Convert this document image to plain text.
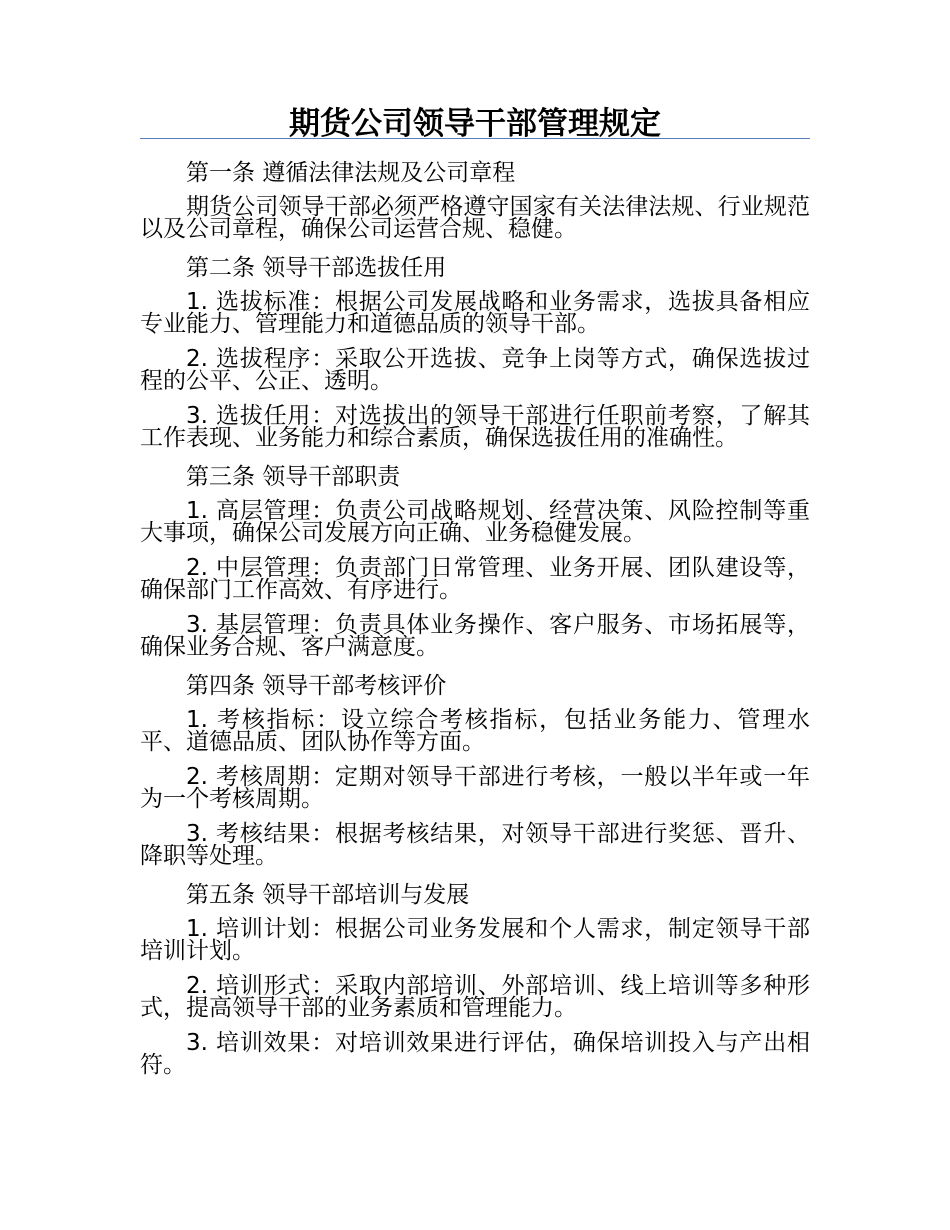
期货公司领导干部管理规定
第一条 遵循法律法规及公司章程

期货公司领导干部必须严格遵守国家有关法律法规、行业规范以及公司章程，确保公司运营合规、稳健。

第二条 领导干部选拔任用

1. 选拔标准：根据公司发展战略和业务需求，选拔具备相应专业能力、管理能力和道德品质的领导干部。

2. 选拔程序：采取公开选拔、竞争上岗等方式，确保选拔过程的公平、公正、透明。

3. 选拔任用：对选拔出的领导干部进行任职前考察，了解其工作表现、业务能力和综合素质，确保选拔任用的准确性。

第三条 领导干部职责

1. 高层管理：负责公司战略规划、经营决策、风险控制等重大事项，确保公司发展方向正确、业务稳健发展。

2. 中层管理：负责部门日常管理、业务开展、团队建设等，确保部门工作高效、有序进行。

3. 基层管理：负责具体业务操作、客户服务、市场拓展等，确保业务合规、客户满意度。

第四条 领导干部考核评价

1. 考核指标：设立综合考核指标，包括业务能力、管理水平、道德品质、团队协作等方面。

2. 考核周期：定期对领导干部进行考核，一般以半年或一年为一个考核周期。

3. 考核结果：根据考核结果，对领导干部进行奖惩、晋升、降职等处理。

第五条 领导干部培训与发展

1. 培训计划：根据公司业务发展和个人需求，制定领导干部培训计划。

2. 培训形式：采取内部培训、外部培训、线上培训等多种形式，提高领导干部的业务素质和管理能力。

3. 培训效果：对培训效果进行评估，确保培训投入与产出相符。
